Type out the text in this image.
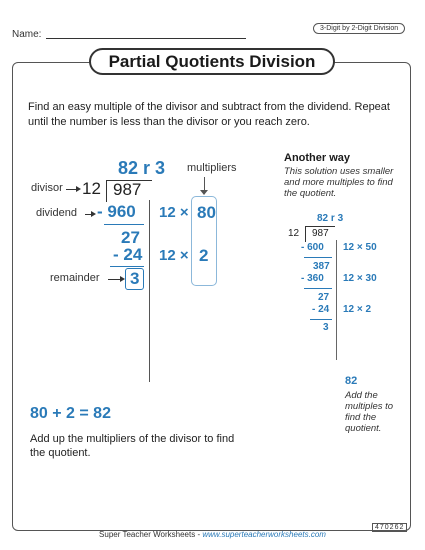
Name:
3-Digit by 2-Digit Division
Partial Quotients Division
Find an easy multiple of the divisor and subtract from the dividend. Repeat until the number is less than the divisor or you reach zero.
82 r 3 multipliers
divisor 12 987
dividend - 960 12 ×
27
- 24 12 ×
remainder 3
80
2
80 + 2 = 82
Add up the multipliers of the divisor to find the quotient.
Another way
This solution uses smaller and more multiples to find the quotient.
82 r 3
12 987
- 600 12 × 50
387
- 360 12 × 30
27
- 24 12 × 2
3
82
Add the multiples to find the quotient.
Super Teacher Worksheets - www.superteacherworksheets.com
470262
